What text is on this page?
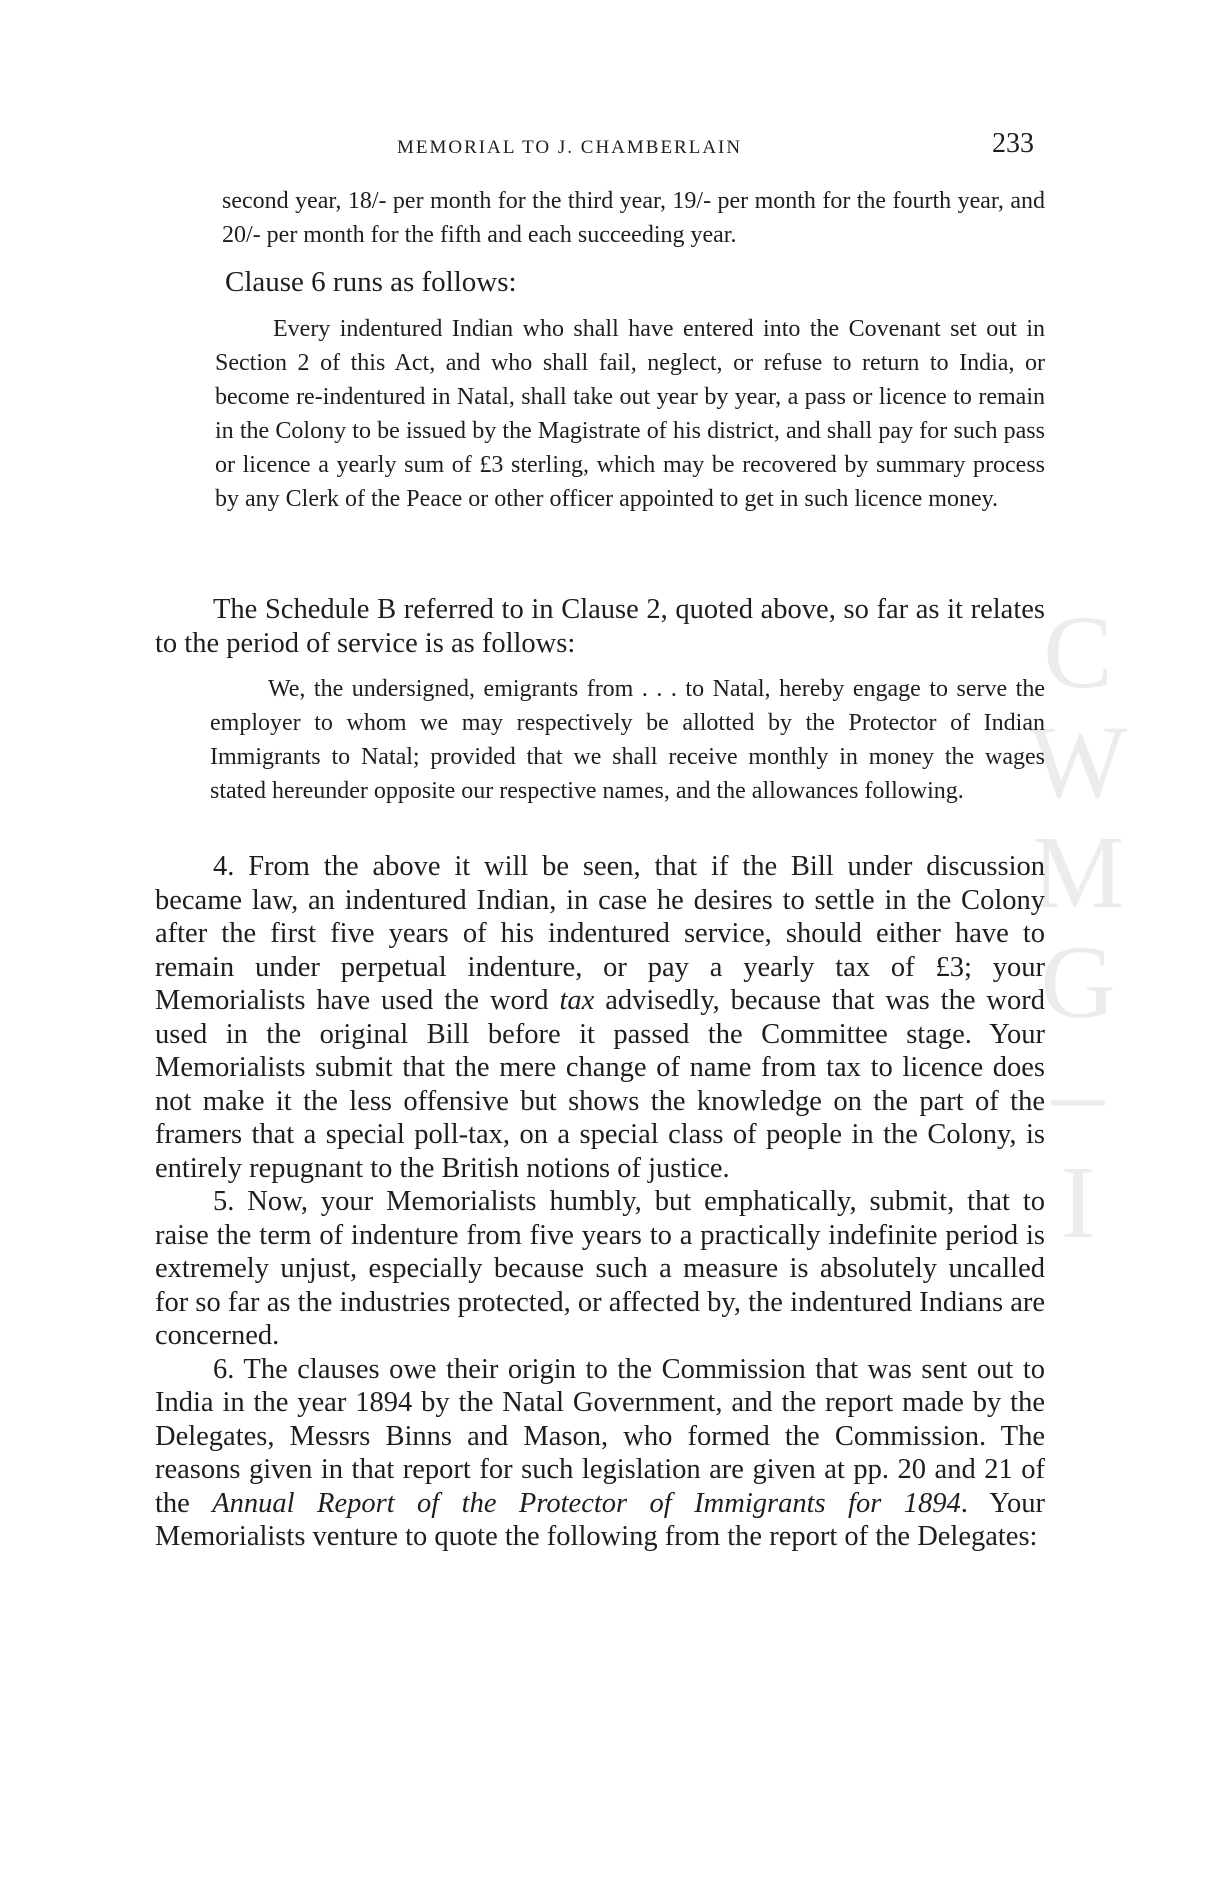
C
W
M
G
–
I
MEMORIAL TO J. CHAMBERLAIN	233
second year, 18/- per month for the third year, 19/- per month for the fourth year, and 20/- per month for the fifth and each succeeding year.
Clause 6 runs as follows:
Every indentured Indian who shall have entered into the Covenant set out in Section 2 of this Act, and who shall fail, neglect, or refuse to return to India, or become re-indentured in Natal, shall take out year by year, a pass or licence to remain in the Colony to be issued by the Magistrate of his district, and shall pay for such pass or licence a yearly sum of £3 sterling, which may be recovered by summary process by any Clerk of the Peace or other officer appointed to get in such licence money.

The Schedule B referred to in Clause 2, quoted above, so far as it relates to the period of service is as follows:

We, the undersigned, emigrants from . . . to Natal, hereby engage to serve the employer to whom we may respectively be allotted by the Protector of Indian Immigrants to Natal; provided that we shall receive monthly in money the wages stated hereunder opposite our respective names, and the allowances following.

4. From the above it will be seen, that if the Bill under discussion became law, an indentured Indian, in case he desires to settle in the Colony after the first five years of his indentured service, should either have to remain under perpetual indenture, or pay a yearly tax of £3; your Memorialists have used the word tax advisedly, because that was the word used in the original Bill before it passed the Committee stage. Your Memorialists submit that the mere change of name from tax to licence does not make it the less offensive but shows the knowledge on the part of the framers that a special poll-tax, on a special class of people in the Colony, is entirely repugnant to the British notions of justice.

5. Now, your Memorialists humbly, but emphatically, submit, that to raise the term of indenture from five years to a practically indefinite period is extremely unjust, especially because such a measure is absolutely uncalled for so far as the industries protected, or affected by, the indentured Indians are concerned.

6. The clauses owe their origin to the Commission that was sent out to India in the year 1894 by the Natal Government, and the report made by the Delegates, Messrs Binns and Mason, who formed the Commission. The reasons given in that report for such legislation are given at pp. 20 and 21 of the Annual Report of the Protector of Immigrants for 1894. Your Memorialists venture to quote the following from the report of the Delegates:
